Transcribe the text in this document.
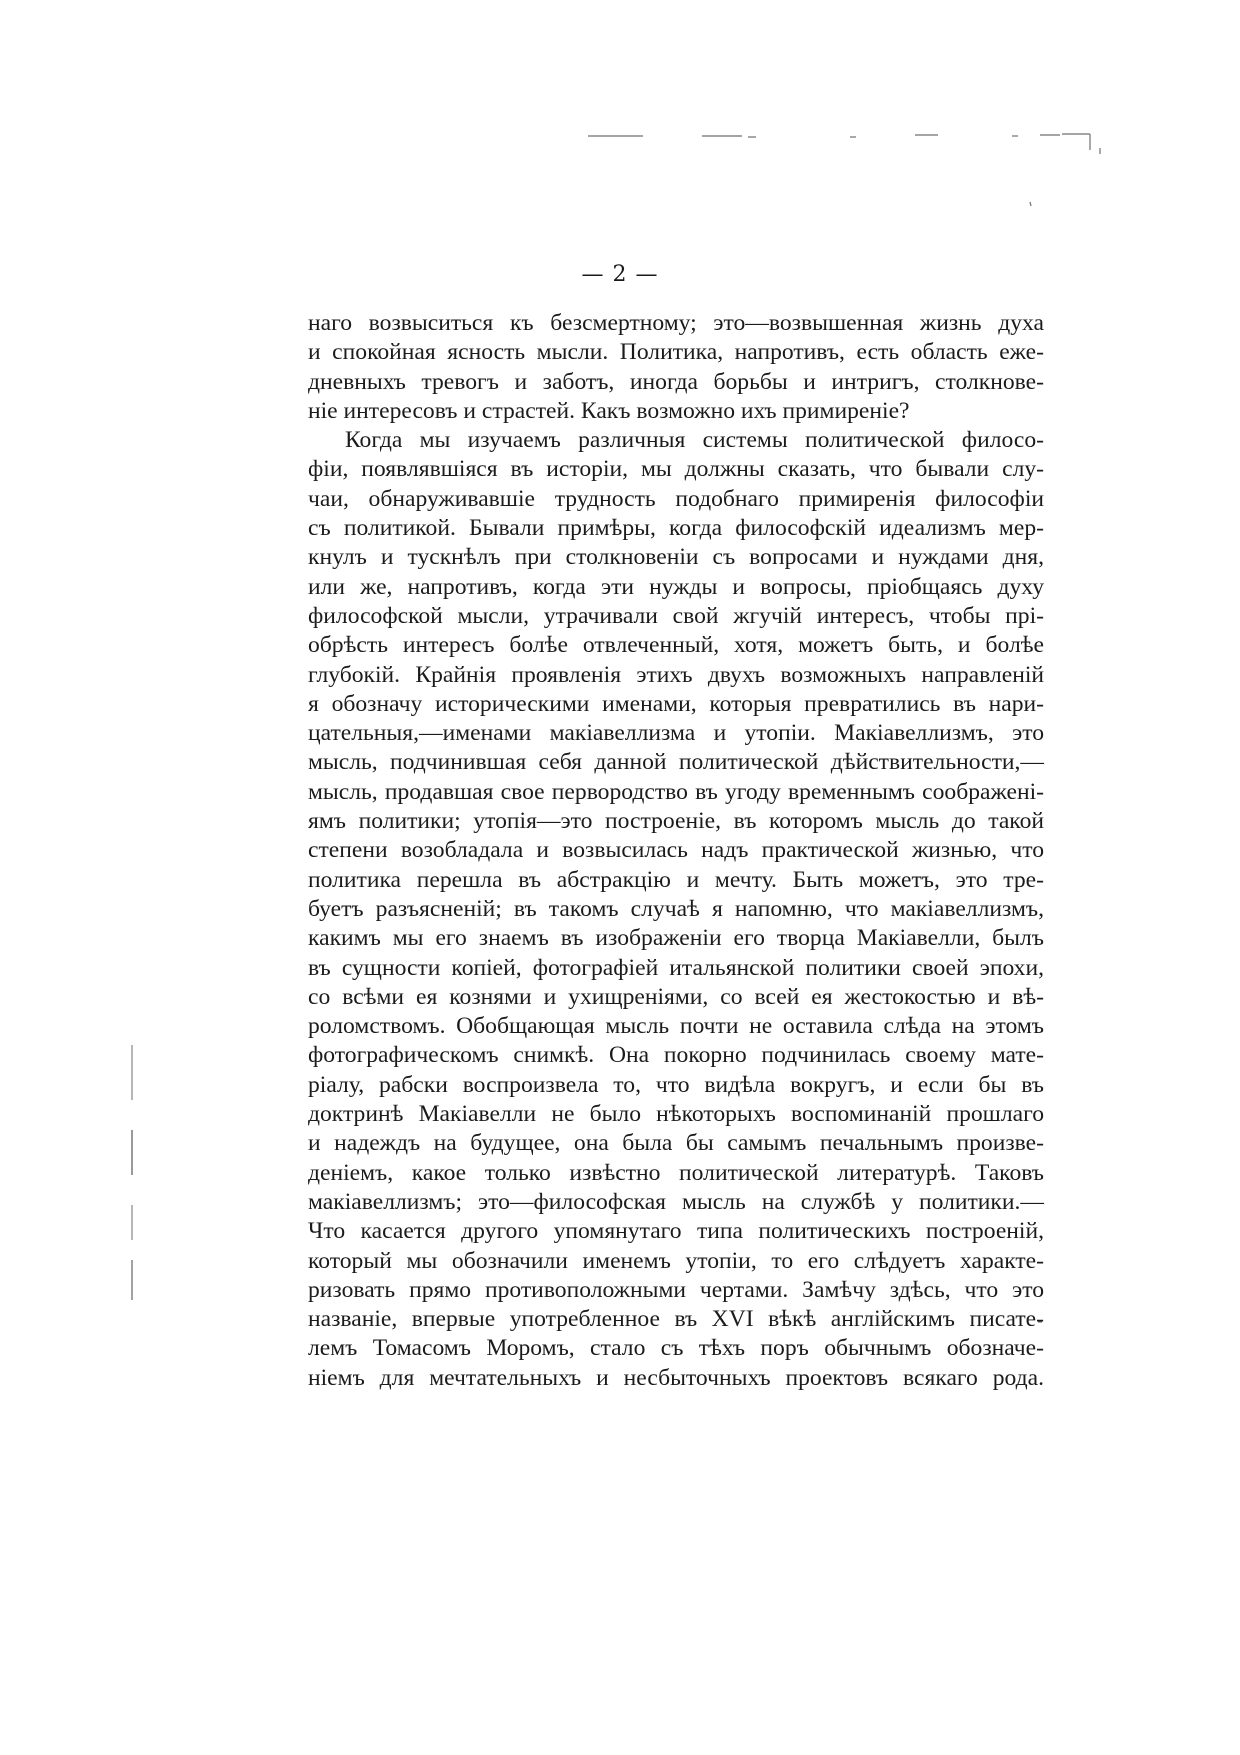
— 2 —
наго возвыситься къ безсмертному; это—возвышенная жизнь духа
и спокойная ясность мысли. Политика, напротивъ, есть область еже-
дневныхъ тревогъ и заботъ, иногда борьбы и интригъ, столкнове-
нiе интересовъ и страстей. Какъ возможно ихъ примиренiе?
Когда мы изучаемъ различныя системы политической филосо-
фiи, появлявшiяся въ исторiи, мы должны сказать, что бывали слу-
чаи, обнаруживавшiе трудность подобнаго примиренiя философiи
съ политикой. Бывали примѣры, когда философскiй идеализмъ мер-
кнулъ и тускнѣлъ при столкновенiи съ вопросами и нуждами дня,
или же, напротивъ, когда эти нужды и вопросы, прiобщаясь духу
философской мысли, утрачивали свой жгучiй интересъ, чтобы прi-
обрѣсть интересъ болѣе отвлеченный, хотя, можетъ быть, и болѣе
глубокiй. Крайнiя проявленiя этихъ двухъ возможныхъ направленiй
я обозначу историческими именами, которыя превратились въ нари-
цательныя,—именами макiавеллизма и утопiи. Макiавеллизмъ, это
мысль, подчинившая себя данной политической дѣйствительности,—
мысль, продавшая свое первородство въ угоду временнымъ соображенi-
ямъ политики; утопiя—это построенiе, въ которомъ мысль до такой
степени возобладала и возвысилась надъ практической жизнью, что
политика перешла въ абстракцiю и мечту. Быть можетъ, это тре-
буетъ разъясненiй; въ такомъ случаѣ я напомню, что макiавеллизмъ,
какимъ мы его знаемъ въ изображенiи его творца Макiавелли, былъ
въ сущности копiей, фотографiей итальянской политики своей эпохи,
со всѣми ея кознями и ухищренiями, со всей ея жестокостью и вѣ-
роломствомъ. Обобщающая мысль почти не оставила слѣда на этомъ
фотографическомъ снимкѣ. Она покорно подчинилась своему мате-
рiалу, рабски воспроизвела то, что видѣла вокругъ, и если бы въ
доктринѣ Макiавелли не было нѣкоторыхъ воспоминанiй прошлаго
и надеждъ на будущее, она была бы самымъ печальнымъ произве-
денiемъ, какое только извѣстно политической литературѣ. Таковъ
макiавеллизмъ; это—философская мысль на службѣ у политики.—
Что касается другого упомянутаго типа политическихъ построенiй,
который мы обозначили именемъ утопiи, то его слѣдуетъ характе-
ризовать прямо противоположными чертами. Замѣчу здѣсь, что это
названiе, впервые употребленное въ XVI вѣкѣ англiйскимъ писате-
лемъ Томасомъ Моромъ, стало съ тѣхъ поръ обычнымъ обозначе-
нiемъ для мечтательныхъ и несбыточныхъ проектовъ всякаго рода.
